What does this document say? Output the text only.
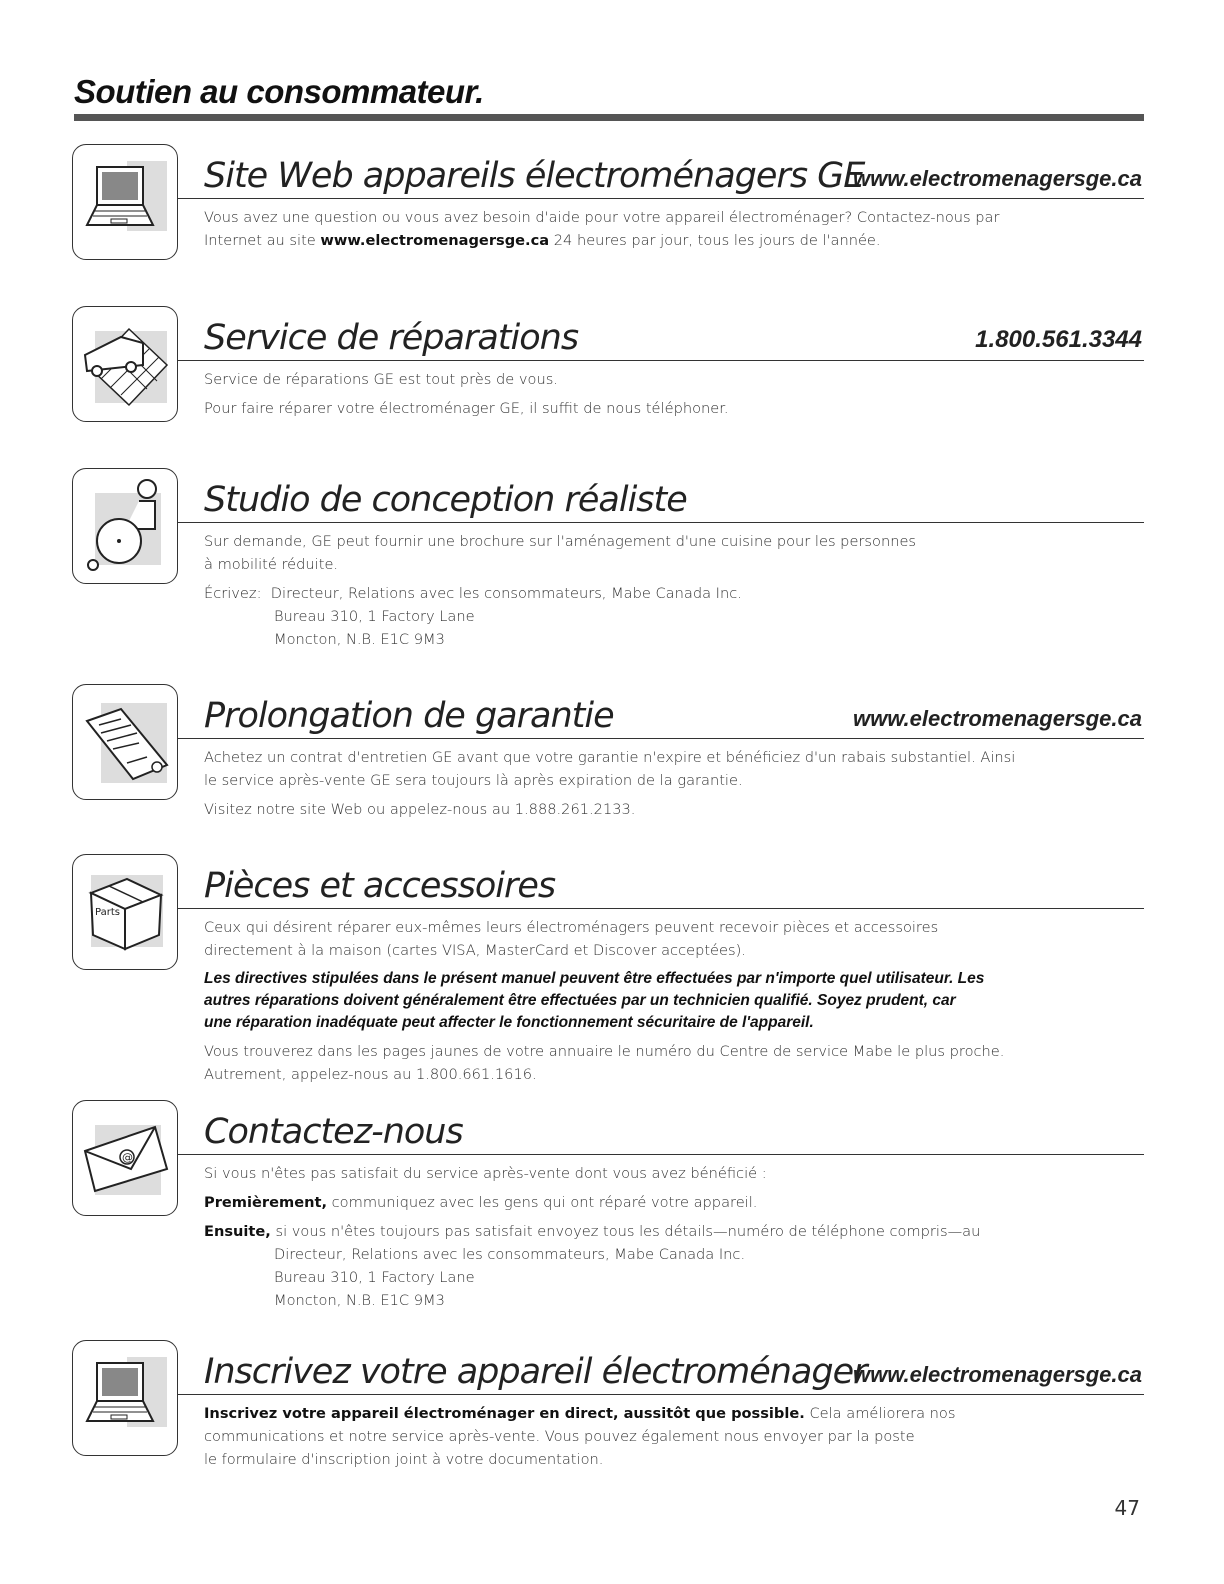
Soutien au consommateur.
Site Web appareils électroménagers GE
www.electromenagersge.ca

Vous avez une question ou vous avez besoin d'aide pour votre appareil électroménager? Contactez-nous par

Internet au site www.electromenagersge.ca 24 heures par jour, tous les jours de l'année.

Service de réparations	1.800.561.3344

Service de réparations GE est tout près de vous.

Pour faire réparer votre électroménager GE, il suffit de nous téléphoner.

Studio de conception réaliste

Sur demande, GE peut fournir une brochure sur l'aménagement d'une cuisine pour les personnes

à mobilité réduite.

Écrivez: Directeur, Relations avec les consommateurs, Mabe Canada Inc.

Bureau 310, 1 Factory Lane

Moncton, N.B. E1C 9M3

Prolongation de garantie	www.electromenagersge.ca

Achetez un contrat d'entretien GE avant que votre garantie n'expire et bénéficiez d'un rabais substantiel. Ainsi

le service après-vente GE sera toujours là après expiration de la garantie.

Visitez notre site Web ou appelez-nous au 1.888.261.2133.

Parts
Pièces et accessoires

Ceux qui désirent réparer eux-mêmes leurs électroménagers peuvent recevoir pièces et accessoires

directement à la maison (cartes VISA, MasterCard et Discover acceptées).

Les directives stipulées dans le présent manuel peuvent être effectuées par n'importe quel utilisateur. Les
autres réparations doivent généralement être effectuées par un technicien qualifié. Soyez prudent, car
une réparation inadéquate peut affecter le fonctionnement sécuritaire de l'appareil.

Vous trouverez dans les pages jaunes de votre annuaire le numéro du Centre de service Mabe le plus proche.

Autrement, appelez-nous au 1.800.661.1616.

@
Contactez-nous

Si vous n'êtes pas satisfait du service après-vente dont vous avez bénéficié :

Premièrement, communiquez avec les gens qui ont réparé votre appareil.

Ensuite, si vous n'êtes toujours pas satisfait envoyez tous les détails—numéro de téléphone compris—au

Directeur, Relations avec les consommateurs, Mabe Canada Inc.

Bureau 310, 1 Factory Lane

Moncton, N.B. E1C 9M3

Inscrivez votre appareil électroménager
www.electromenagersge.ca

Inscrivez votre appareil électroménager en direct, aussitôt que possible. Cela améliorera nos

communications et notre service après-vente. Vous pouvez également nous envoyer par la poste

le formulaire d'inscription joint à votre documentation.

47
